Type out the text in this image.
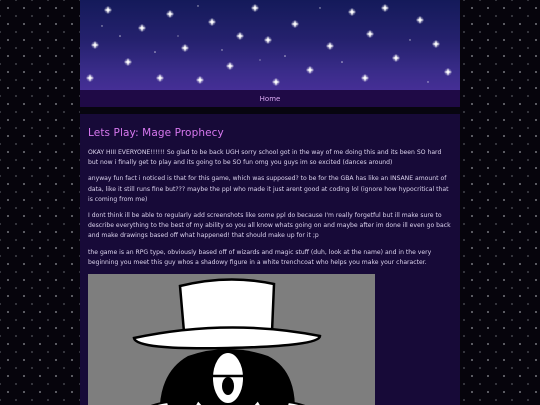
Home
Lets Play: Mage Prophecy

OKAY HIII EVERYONE!!!!!! So glad to be back UGH sorry school got in the way of me doing this and its been SO hard but now i finally get to play and its going to be SO fun omg you guys im so excited (dances around)

anyway fun fact i noticed is that for this game, which was supposed? to be for the GBA has like an INSANE amount of data, like it still runs fine but??? maybe the ppl who made it just arent good at coding lol (ignore how hypocritical that is coming from me)

I dont think ill be able to regularly add screenshots like some ppl do because I'm really forgetful but ill make sure to describe everything to the best of my ability so you all know whats going on and maybe after im done ill even go back and make drawings based off what happened! that should make up for it ;p

the game is an RPG type, obviously based off of wizards and magic stuff (duh, look at the name) and in the very beginning you meet this guy whos a shadowy figure in a white trenchcoat who helps you make your character.
